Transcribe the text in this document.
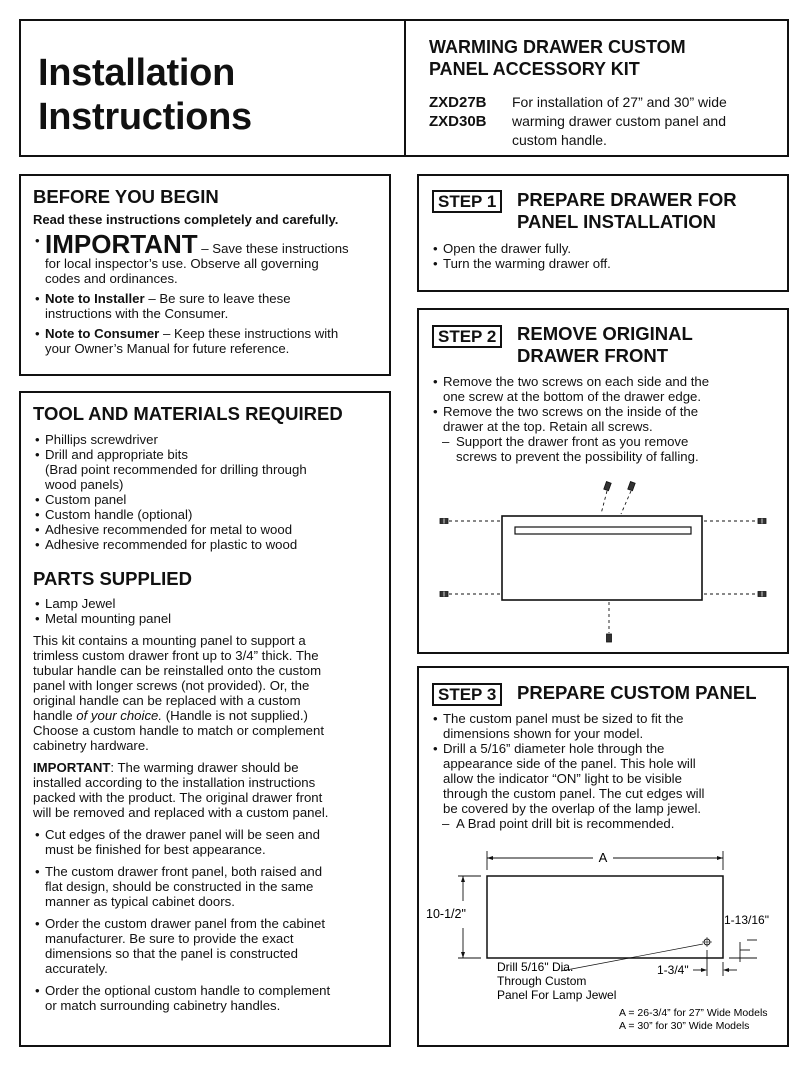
Installation
Instructions
WARMING DRAWER CUSTOM
PANEL ACCESSORY KIT
ZXD27B
ZXD30B
For installation of 27” and 30” wide
warming drawer custom panel and
custom handle.
BEFORE YOU BEGIN
Read these instructions completely and carefully.
• IMPORTANT – Save these instructions
for local inspector’s use. Observe all governing
codes and ordinances.
• Note to Installer – Be sure to leave these
instructions with the Consumer.
• Note to Consumer – Keep these instructions with
your Owner’s Manual for future reference.
TOOL AND MATERIALS REQUIRED
• Phillips screwdriver
• Drill and appropriate bits
(Brad point recommended for drilling through
wood panels)
• Custom panel
• Custom handle (optional)
• Adhesive recommended for metal to wood
• Adhesive recommended for plastic to wood
PARTS SUPPLIED
• Lamp Jewel
• Metal mounting panel
This kit contains a mounting panel to support a
trimless custom drawer front up to 3/4” thick. The
tubular handle can be reinstalled onto the custom
panel with longer screws (not provided). Or, the
original handle can be replaced with a custom
handle of your choice. (Handle is not supplied.)
Choose a custom handle to match or complement
cabinetry hardware.
IMPORTANT: The warming drawer should be
installed according to the installation instructions
packed with the product. The original drawer front
will be removed and replaced with a custom panel.
• Cut edges of the drawer panel will be seen and
must be finished for best appearance.
• The custom drawer front panel, both raised and
flat design, should be constructed in the same
manner as typical cabinet doors.
• Order the custom drawer panel from the cabinet
manufacturer. Be sure to provide the exact
dimensions so that the panel is constructed
accurately.
• Order the optional custom handle to complement
or match surrounding cabinetry handles.
STEP 1	PREPARE DRAWER FOR
PANEL INSTALLATION
• Open the drawer fully.
• Turn the warming drawer off.
STEP 2	REMOVE ORIGINAL
DRAWER FRONT
• Remove the two screws on each side and the
one screw at the bottom of the drawer edge.
• Remove the two screws on the inside of the
drawer at the top. Retain all screws.
– Support the drawer front as you remove
screws to prevent the possibility of falling.
STEP 3	PREPARE CUSTOM PANEL
• The custom panel must be sized to fit the
dimensions shown for your model.
• Drill a 5/16” diameter hole through the
appearance side of the panel. This hole will
allow the indicator “ON” light to be visible
through the custom panel. The cut edges will
be covered by the overlap of the lamp jewel.
– A Brad point drill bit is recommended.
A
10-1/2"	1-13/16"
1-3/4"
Drill 5/16" Dia.
Through Custom
Panel For Lamp Jewel
A = 26-3/4” for 27” Wide Models
A = 30” for 30” Wide Models
